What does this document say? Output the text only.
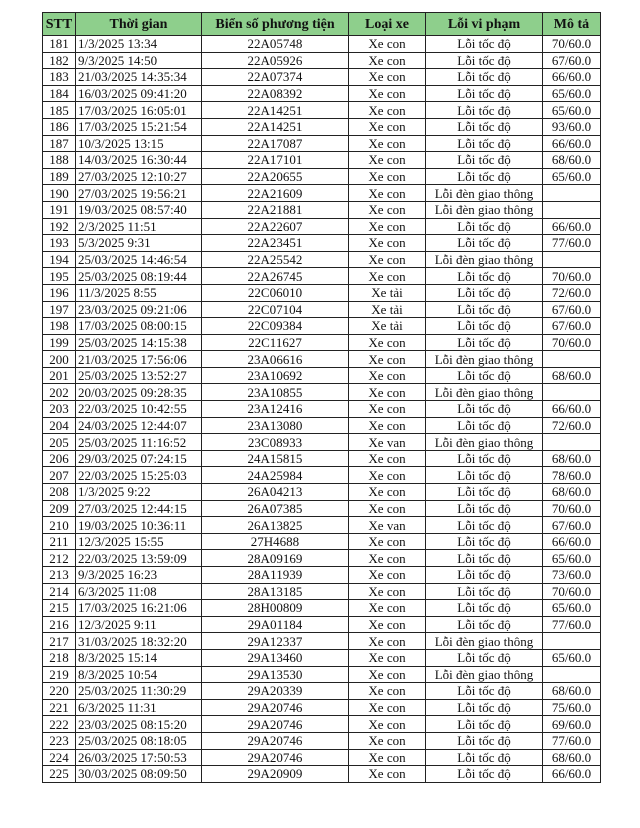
STT	Thời gian	Biển số phương tiện	Loại xe	Lỗi vi phạm	Mô tả
181	1/3/2025 13:34	22A05748	Xe con	Lỗi tốc độ	70/60.0
182	9/3/2025 14:50	22A05926	Xe con	Lỗi tốc độ	67/60.0
183	21/03/2025 14:35:34	22A07374	Xe con	Lỗi tốc độ	66/60.0
184	16/03/2025 09:41:20	22A08392	Xe con	Lỗi tốc độ	65/60.0
185	17/03/2025 16:05:01	22A14251	Xe con	Lỗi tốc độ	65/60.0
186	17/03/2025 15:21:54	22A14251	Xe con	Lỗi tốc độ	93/60.0
187	10/3/2025 13:15	22A17087	Xe con	Lỗi tốc độ	66/60.0
188	14/03/2025 16:30:44	22A17101	Xe con	Lỗi tốc độ	68/60.0
189	27/03/2025 12:10:27	22A20655	Xe con	Lỗi tốc độ	65/60.0
190	27/03/2025 19:56:21	22A21609	Xe con	Lỗi đèn giao thông	
191	19/03/2025 08:57:40	22A21881	Xe con	Lỗi đèn giao thông	
192	2/3/2025 11:51	22A22607	Xe con	Lỗi tốc độ	66/60.0
193	5/3/2025 9:31	22A23451	Xe con	Lỗi tốc độ	77/60.0
194	25/03/2025 14:46:54	22A25542	Xe con	Lỗi đèn giao thông	
195	25/03/2025 08:19:44	22A26745	Xe con	Lỗi tốc độ	70/60.0
196	11/3/2025 8:55	22C06010	Xe tải	Lỗi tốc độ	72/60.0
197	23/03/2025 09:21:06	22C07104	Xe tải	Lỗi tốc độ	67/60.0
198	17/03/2025 08:00:15	22C09384	Xe tải	Lỗi tốc độ	67/60.0
199	25/03/2025 14:15:38	22C11627	Xe con	Lỗi tốc độ	70/60.0
200	21/03/2025 17:56:06	23A06616	Xe con	Lỗi đèn giao thông	
201	25/03/2025 13:52:27	23A10692	Xe con	Lỗi tốc độ	68/60.0
202	20/03/2025 09:28:35	23A10855	Xe con	Lỗi đèn giao thông	
203	22/03/2025 10:42:55	23A12416	Xe con	Lỗi tốc độ	66/60.0
204	24/03/2025 12:44:07	23A13080	Xe con	Lỗi tốc độ	72/60.0
205	25/03/2025 11:16:52	23C08933	Xe van	Lỗi đèn giao thông	
206	29/03/2025 07:24:15	24A15815	Xe con	Lỗi tốc độ	68/60.0
207	22/03/2025 15:25:03	24A25984	Xe con	Lỗi tốc độ	78/60.0
208	1/3/2025 9:22	26A04213	Xe con	Lỗi tốc độ	68/60.0
209	27/03/2025 12:44:15	26A07385	Xe con	Lỗi tốc độ	70/60.0
210	19/03/2025 10:36:11	26A13825	Xe van	Lỗi tốc độ	67/60.0
211	12/3/2025 15:55	27H4688	Xe con	Lỗi tốc độ	66/60.0
212	22/03/2025 13:59:09	28A09169	Xe con	Lỗi tốc độ	65/60.0
213	9/3/2025 16:23	28A11939	Xe con	Lỗi tốc độ	73/60.0
214	6/3/2025 11:08	28A13185	Xe con	Lỗi tốc độ	70/60.0
215	17/03/2025 16:21:06	28H00809	Xe con	Lỗi tốc độ	65/60.0
216	12/3/2025 9:11	29A01184	Xe con	Lỗi tốc độ	77/60.0
217	31/03/2025 18:32:20	29A12337	Xe con	Lỗi đèn giao thông	
218	8/3/2025 15:14	29A13460	Xe con	Lỗi tốc độ	65/60.0
219	8/3/2025 10:54	29A13530	Xe con	Lỗi đèn giao thông	
220	25/03/2025 11:30:29	29A20339	Xe con	Lỗi tốc độ	68/60.0
221	6/3/2025 11:31	29A20746	Xe con	Lỗi tốc độ	75/60.0
222	23/03/2025 08:15:20	29A20746	Xe con	Lỗi tốc độ	69/60.0
223	25/03/2025 08:18:05	29A20746	Xe con	Lỗi tốc độ	77/60.0
224	26/03/2025 17:50:53	29A20746	Xe con	Lỗi tốc độ	68/60.0
225	30/03/2025 08:09:50	29A20909	Xe con	Lỗi tốc độ	66/60.0
